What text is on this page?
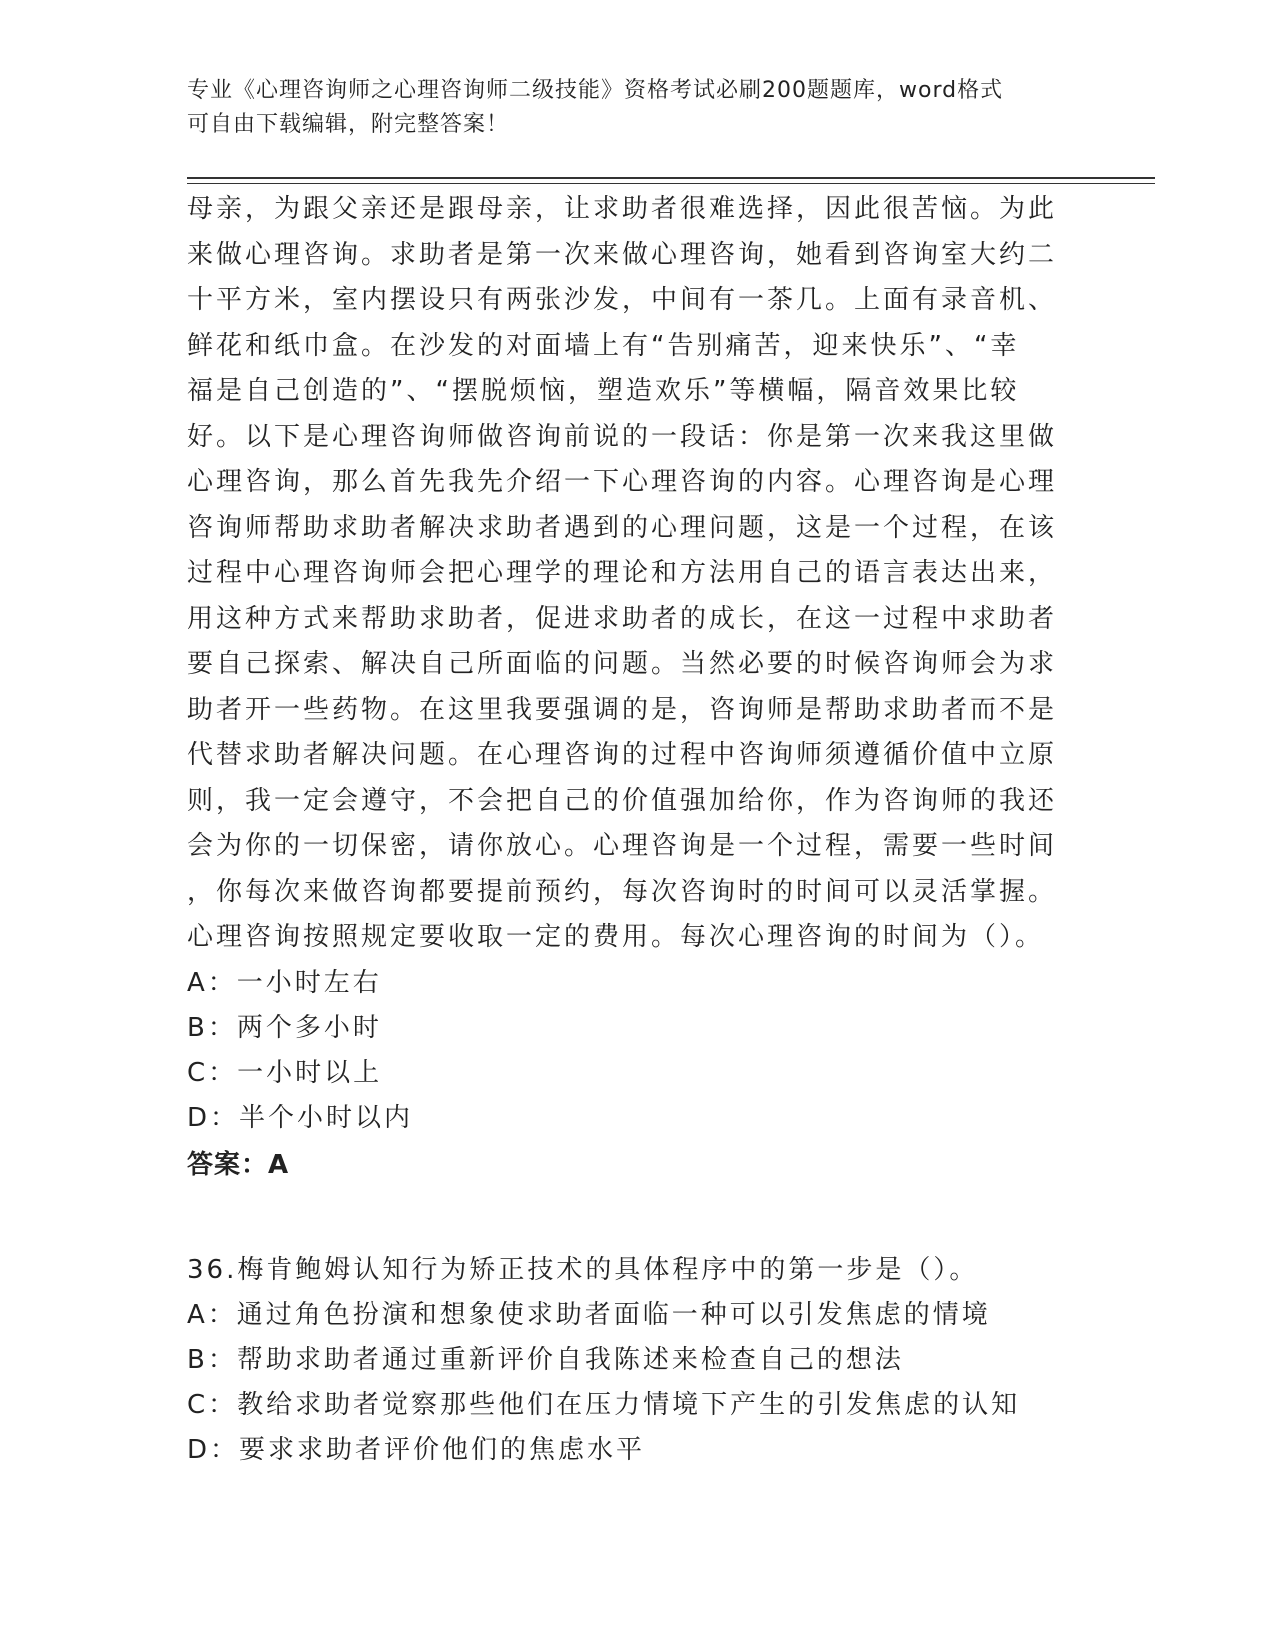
专业《心理咨询师之心理咨询师二级技能》资格考试必刷200题题库，word格式
可自由下载编辑，附完整答案！
母亲，为跟父亲还是跟母亲，让求助者很难选择，因此很苦恼。为此
来做心理咨询。求助者是第一次来做心理咨询，她看到咨询室大约二
十平方米，室内摆设只有两张沙发，中间有一茶几。上面有录音机、
鲜花和纸巾盒。在沙发的对面墙上有“告别痛苦，迎来快乐”、“幸
福是自己创造的”、“摆脱烦恼，塑造欢乐”等横幅，隔音效果比较
好。以下是心理咨询师做咨询前说的一段话：你是第一次来我这里做
心理咨询，那么首先我先介绍一下心理咨询的内容。心理咨询是心理
咨询师帮助求助者解决求助者遇到的心理问题，这是一个过程，在该
过程中心理咨询师会把心理学的理论和方法用自己的语言表达出来，
用这种方式来帮助求助者，促进求助者的成长，在这一过程中求助者
要自己探索、解决自己所面临的问题。当然必要的时候咨询师会为求
助者开一些药物。在这里我要强调的是，咨询师是帮助求助者而不是
代替求助者解决问题。在心理咨询的过程中咨询师须遵循价值中立原
则，我一定会遵守，不会把自己的价值强加给你，作为咨询师的我还
会为你的一切保密，请你放心。心理咨询是一个过程，需要一些时间
，你每次来做咨询都要提前预约，每次咨询时的时间可以灵活掌握。
心理咨询按照规定要收取一定的费用。每次心理咨询的时间为（）。
A：一小时左右
B：两个多小时
C：一小时以上
D：半个小时以内
答案：A
36.梅肯鲍姆认知行为矫正技术的具体程序中的第一步是（）。
A：通过角色扮演和想象使求助者面临一种可以引发焦虑的情境
B：帮助求助者通过重新评价自我陈述来检查自己的想法
C：教给求助者觉察那些他们在压力情境下产生的引发焦虑的认知
D：要求求助者评价他们的焦虑水平
